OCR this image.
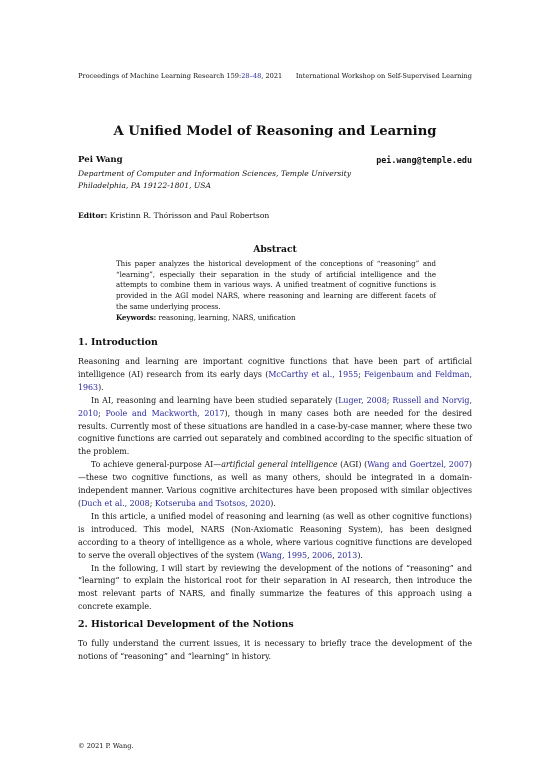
Proceedings of Machine Learning Research 159:28–48, 2021 International Workshop on Self-Supervised Learning
A Unified Model of Reasoning and Learning
Pei Wang	pei.wang@temple.edu
Department of Computer and Information Sciences, Temple University
Philadelphia, PA 19122-1801, USA
Editor: Kristinn R. Thórisson and Paul Robertson
Abstract
This paper analyzes the historical development of the conceptions of “reasoning” and “learning”, especially their separation in the study of artificial intelligence and the attempts to combine them in various ways. A unified treatment of cognitive functions is provided in the AGI model NARS, where reasoning and learning are different facets of the same underlying process.
Keywords: reasoning, learning, NARS, unification
1. Introduction

Reasoning and learning are important cognitive functions that have been part of artificial intelligence (AI) research from its early days (McCarthy et al., 1955; Feigenbaum and Feldman, 1963).

In AI, reasoning and learning have been studied separately (Luger, 2008; Russell and Norvig, 2010; Poole and Mackworth, 2017), though in many cases both are needed for the desired results. Currently most of these situations are handled in a case-by-case manner, where these two cognitive functions are carried out separately and combined according to the specific situation of the problem.

To achieve general-purpose AI—artificial general intelligence (AGI) (Wang and Goertzel, 2007)—these two cognitive functions, as well as many others, should be integrated in a domain-independent manner. Various cognitive architectures have been proposed with similar objectives (Duch et al., 2008; Kotseruba and Tsotsos, 2020).

In this article, a unified model of reasoning and learning (as well as other cognitive functions) is introduced. This model, NARS (Non-Axiomatic Reasoning System), has been designed according to a theory of intelligence as a whole, where various cognitive functions are developed to serve the overall objectives of the system (Wang, 1995, 2006, 2013).

In the following, I will start by reviewing the development of the notions of “reasoning” and “learning” to explain the historical root for their separation in AI research, then introduce the most relevant parts of NARS, and finally summarize the features of this approach using a concrete example.

2. Historical Development of the Notions

To fully understand the current issues, it is necessary to briefly trace the development of the notions of “reasoning” and “learning” in history.

© 2021 P. Wang.
